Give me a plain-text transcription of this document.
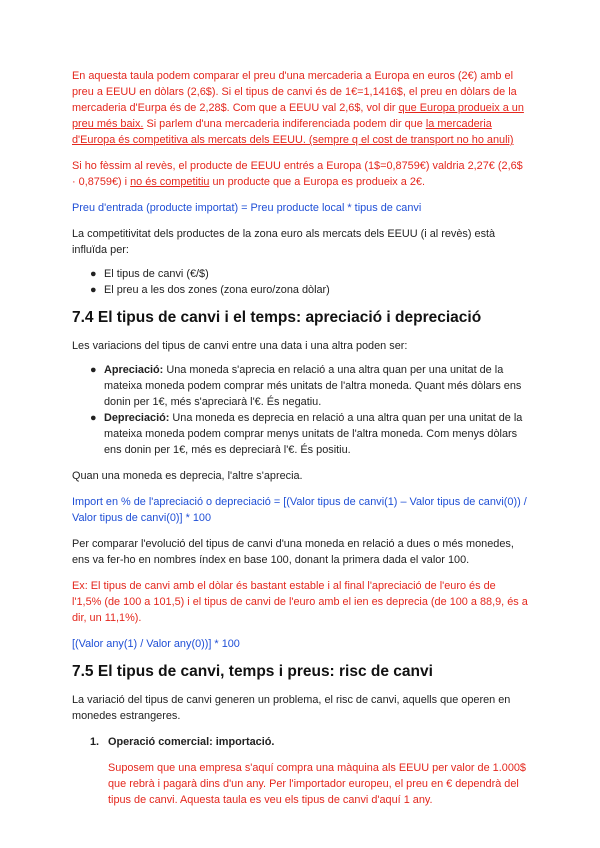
En aquesta taula podem comparar el preu d'una mercaderia a Europa en euros (2€) amb el preu a EEUU en dòlars (2,6$). Si el tipus de canvi és de 1€=1,1416$, el preu en dòlars de la mercaderia d'Eurpa és de 2,28$. Com que a EEUU val 2,6$, vol dir que Europa produeix a un preu més baix. Si parlem d'una mercaderia indiferenciada podem dir que la mercaderia d'Europa és competitiva als mercats dels EEUU. (sempre q el cost de transport no ho anuli)

Si ho fèssim al revès, el producte de EEUU entrés a Europa (1$=0,8759€) valdria 2,27€ (2,6$ · 0,8759€) i no és competitiu un producte que a Europa es produeix a 2€.

Preu d'entrada (producte importat) = Preu producte local * tipus de canvi

La competitivitat dels productes de la zona euro als mercats dels EEUU (i al revès) està influïda per:

● El tipus de canvi (€/$)
● El preu a les dos zones (zona euro/zona dòlar)
7.4 El tipus de canvi i el temps: apreciació i depreciació

Les variacions del tipus de canvi entre una data i una altra poden ser:

● Apreciació: Una moneda s'aprecia en relació a una altra quan per una unitat de la mateixa moneda podem comprar més unitats de l'altra moneda. Quant més dòlars ens donin per 1€, més s'apreciarà l'€. És negatiu.
● Depreciació: Una moneda es deprecia en relació a una altra quan per una unitat de la mateixa moneda podem comprar menys unitats de l'altra moneda. Com menys dòlars ens donin per 1€, més es depreciarà l'€. És positiu.

Quan una moneda es deprecia, l'altre s'aprecia.

Import en % de l'apreciació o depreciació = [(Valor tipus de canvi(1) – Valor tipus de canvi(0)) / Valor tipus de canvi(0)] * 100

Per comparar l'evolució del tipus de canvi d'una moneda en relació a dues o més monedes, ens va fer-ho en nombres índex en base 100, donant la primera dada el valor 100.

Ex: El tipus de canvi amb el dòlar és bastant estable i al final l'apreciació de l'euro és de l'1,5% (de 100 a 101,5) i el tipus de canvi de l'euro amb el ien es deprecia (de 100 a 88,9, és a dir, un 11,1%).

[(Valor any(1) / Valor any(0))] * 100

7.5 El tipus de canvi, temps i preus: risc de canvi

La variació del tipus de canvi generen un problema, el risc de canvi, aquells que operen en monedes estrangeres.

1. Operació comercial: importació.

Suposem que una empresa s'aquí compra una màquina als EEUU per valor de 1.000$ que rebrà i pagarà dins d'un any. Per l'importador europeu, el preu en € dependrà del tipus de canvi. Aquesta taula es veu els tipus de canvi d'aquí 1 any.
